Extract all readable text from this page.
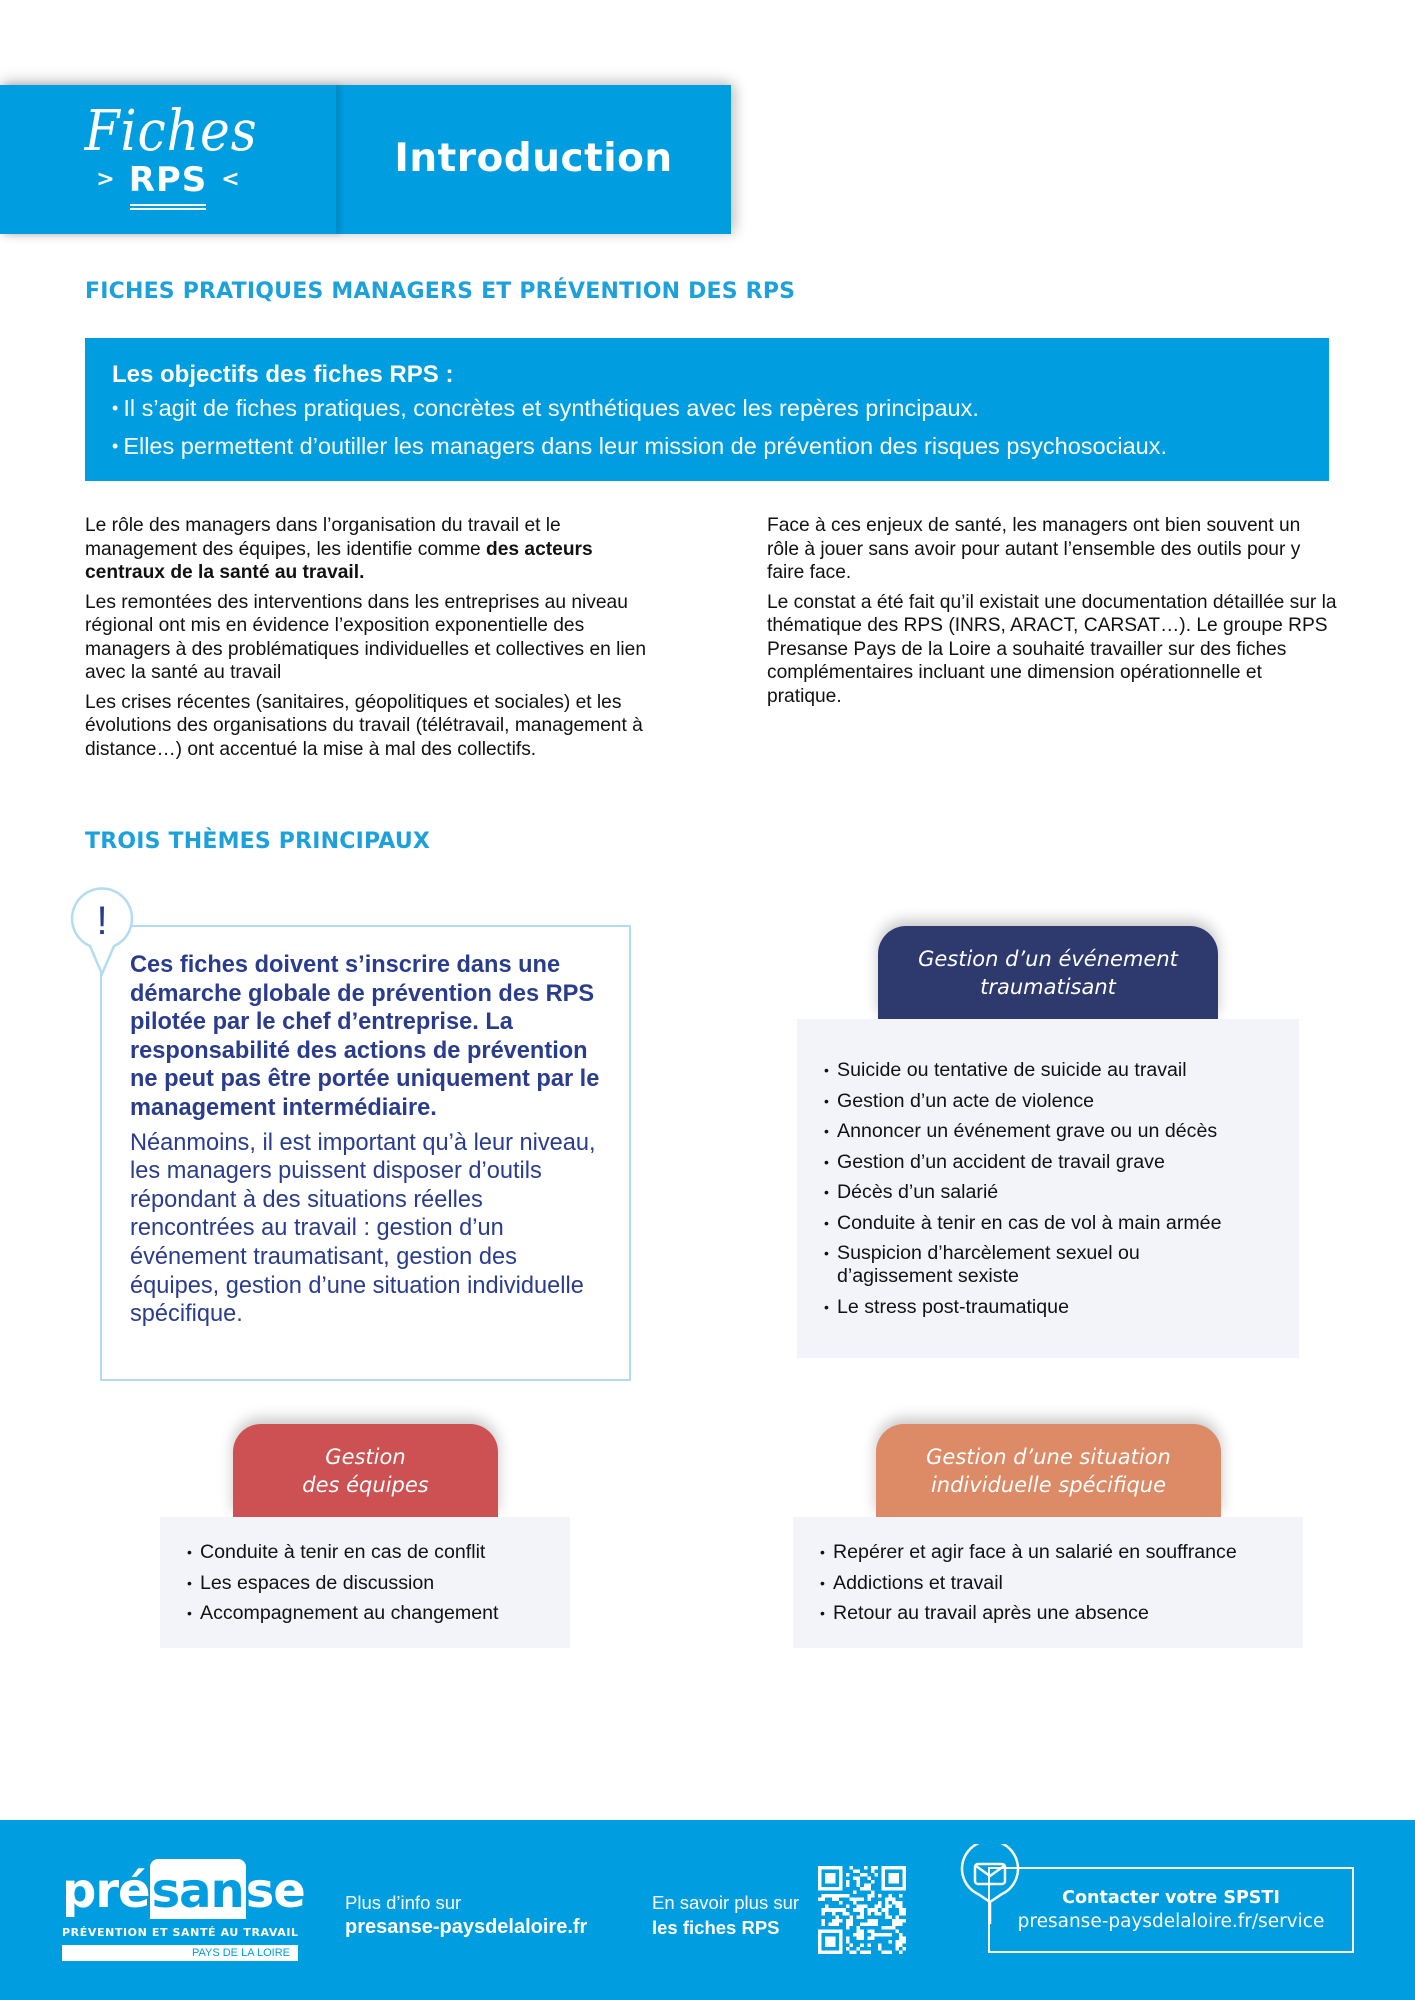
Fiches
> RPS <	Introduction
FICHES PRATIQUES MANAGERS ET PRÉVENTION DES RPS
Les objectifs des fiches RPS :
• Il s’agit de fiches pratiques, concrètes et synthétiques avec les repères principaux.
• Elles permettent d’outiller les managers dans leur mission de prévention des risques psychosociaux.

Le rôle des managers dans l’organisation du travail et le management des équipes, les identifie comme des acteurs centraux de la santé au travail.

Les remontées des interventions dans les entreprises au niveau régional ont mis en évidence l’exposition exponentielle des managers à des problématiques individuelles et collectives en lien avec la santé au travail

Les crises récentes (sanitaires, géopolitiques et sociales) et les évolutions des organisations du travail (télétravail, management à distance…) ont accentué la mise à mal des collectifs.

Face à ces enjeux de santé, les managers ont bien souvent un rôle à jouer sans avoir pour autant l’ensemble des outils pour y faire face.

Le constat a été fait qu’il existait une documentation détaillée sur la thématique des RPS (INRS, ARACT, CARSAT…). Le groupe RPS Presanse Pays de la Loire a souhaité travailler sur des fiches complémentaires incluant une dimension opérationnelle et pratique.

TROIS THÈMES PRINCIPAUX
Ces fiches doivent s’inscrire dans une démarche globale de prévention des RPS pilotée par le chef d’entreprise. La responsabilité des actions de prévention ne peut pas être portée uniquement par le management intermédiaire.
Néanmoins, il est important qu’à leur niveau, les managers puissent disposer d’outils répondant à des situations réelles rencontrées au travail : gestion d’un événement traumatisant, gestion des équipes, gestion d’une situation individuelle spécifique.
!
Gestion d’un événement
traumatisant
• Suicide ou tentative de suicide au travail
• Gestion d’un acte de violence
• Annoncer un événement grave ou un décès
• Gestion d’un accident de travail grave
• Décès d’un salarié
• Conduite à tenir en cas de vol à main armée
• Suspicion d’harcèlement sexuel ou d’agissement sexiste
• Le stress post-traumatique
Gestion
des équipes
• Conduite à tenir en cas de conflit
• Les espaces de discussion
• Accompagnement au changement
Gestion d’une situation
individuelle spécifique
• Repérer et agir face à un salarié en souffrance
• Addictions et travail
• Retour au travail après une absence
présanse
PRÉVENTION ET SANTÉ AU TRAVAIL
PAYS DE LA LOIRE
Plus d’info sur
presanse-paysdelaloire.fr
En savoir plus sur
les fiches RPS
Contacter votre SPSTI
presanse-paysdelaloire.fr/service
